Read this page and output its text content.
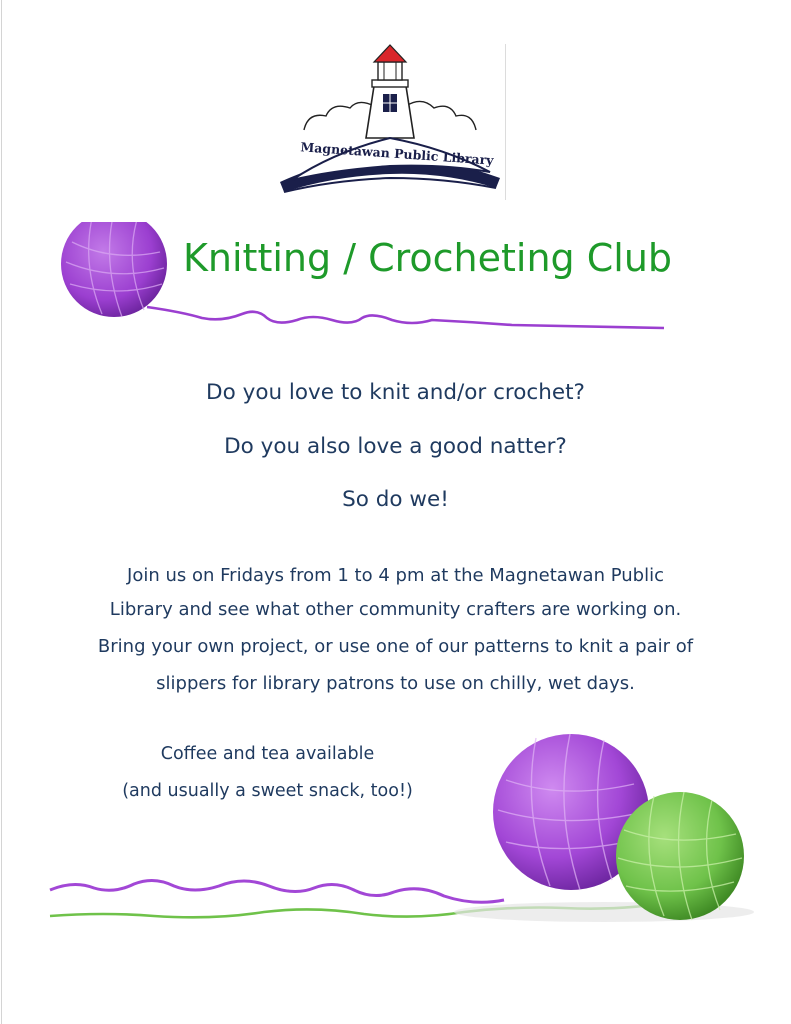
Magnetawan Public Library
Knitting / Crocheting Club
Do you love to knit and/or crochet?
Do you also love a good natter?
So do we!
Join us on Fridays from 1 to 4 pm at the Magnetawan Public
Library and see what other community crafters are working on.
Bring your own project, or use one of our patterns to knit a pair of
slippers for library patrons to use on chilly, wet days.
Coffee and tea available
(and usually a sweet snack, too!)
